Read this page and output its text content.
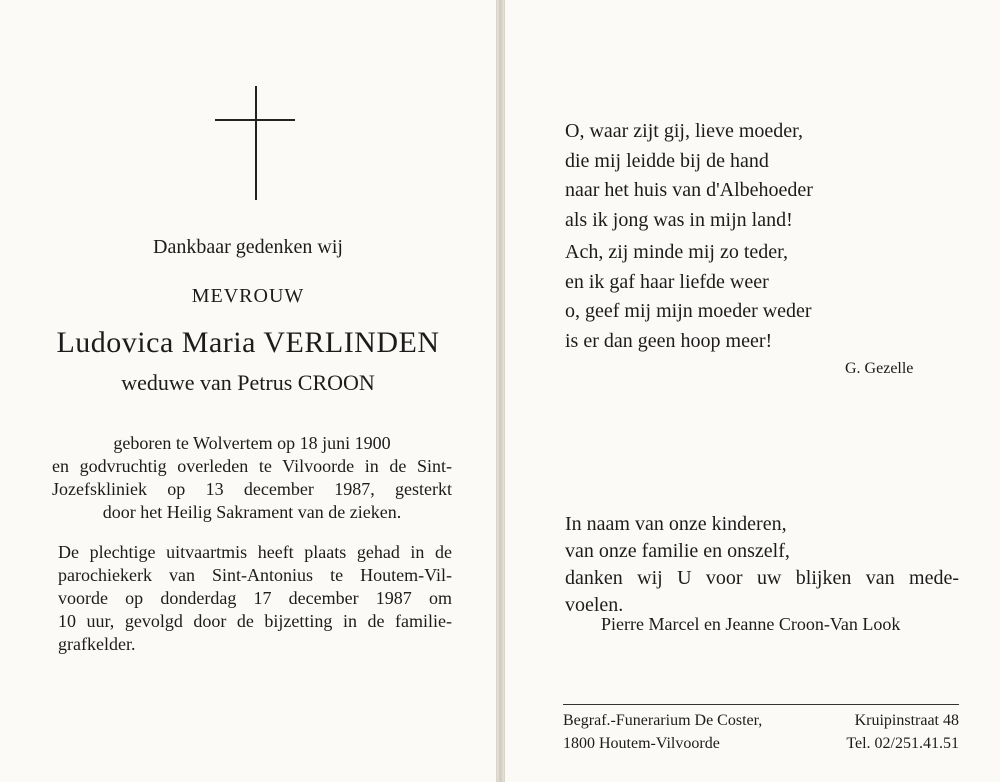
Dankbaar gedenken wij
MEVROUW
Ludovica Maria VERLINDEN
weduwe van Petrus CROON
geboren te Wolvertem op 18 juni 1900
en godvruchtig overleden te Vilvoorde in de Sint-
Jozefskliniek op 13 december 1987, gesterkt
door het Heilig Sakrament van de zieken.
De plechtige uitvaartmis heeft plaats gehad in de
parochiekerk van Sint-Antonius te Houtem-Vil-
voorde op donderdag 17 december 1987 om
10 uur, gevolgd door de bijzetting in de familie-
grafkelder.
O, waar zijt gij, lieve moeder,
die mij leidde bij de hand
naar het huis van d'Albehoeder
als ik jong was in mijn land!
Ach, zij minde mij zo teder,
en ik gaf haar liefde weer
o, geef mij mijn moeder weder
is er dan geen hoop meer!
G. Gezelle
In naam van onze kinderen,
van onze familie en onszelf,
danken wij U voor uw blijken van mede-
voelen.
Pierre Marcel en Jeanne Croon-Van Look
Begraf.-Funerarium De Coster,	Kruipinstraat 48
1800 Houtem-Vilvoorde	Tel. 02/251.41.51
